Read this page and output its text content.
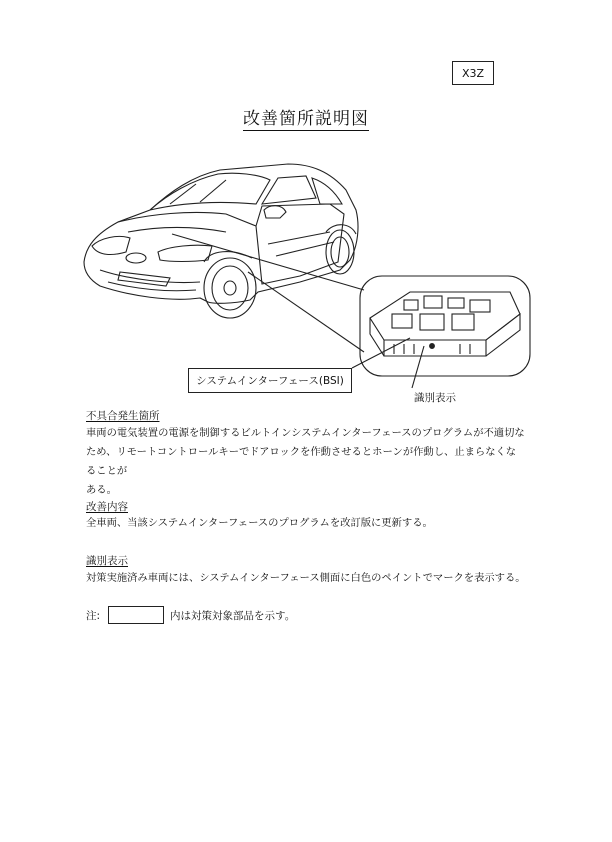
X3Z
改善箇所説明図
システムインターフェース(BSI)
識別表示
不具合発生箇所
車両の電気装置の電源を制御するビルトインシステムインターフェースのプログラムが不適切な
ため、リモートコントロールキーでドアロックを作動させるとホーンが作動し、止まらなくなることが
ある。
改善内容
全車両、当該システムインターフェースのプログラムを改訂版に更新する。
識別表示
対策実施済み車両には、システムインターフェース側面に白色のペイントでマークを表示する。
注:	内は対策対象部品を示す。
